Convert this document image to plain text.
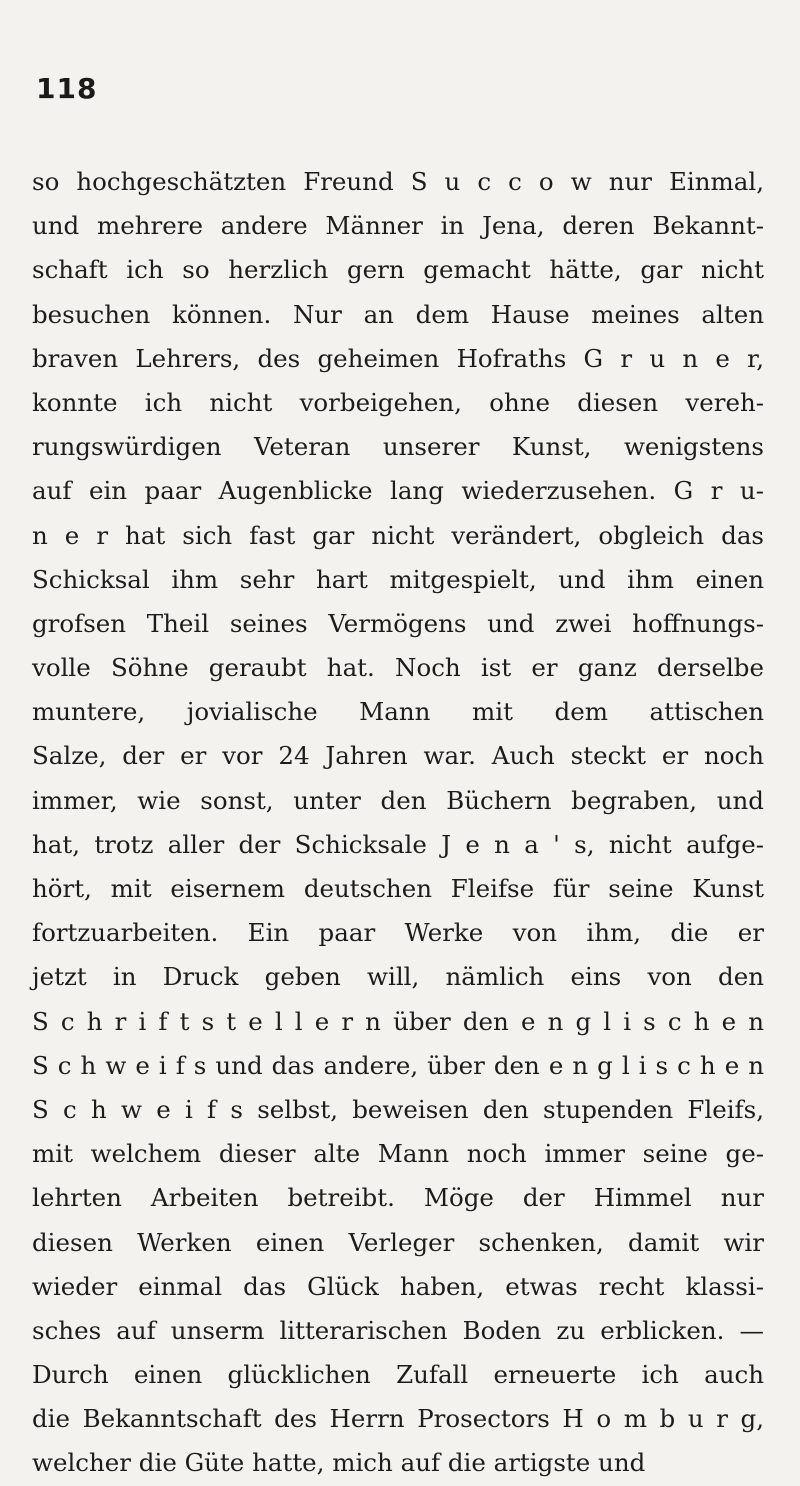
118
so hochgeschätzten Freund S u c c o w nur Einmal,
und mehrere andere Männer in Jena, deren Bekannt-
schaft ich so herzlich gern gemacht hätte, gar nicht
besuchen können. Nur an dem Hause meines alten
braven Lehrers, des geheimen Hofraths G r u n e r,
konnte ich nicht vorbeigehen, ohne diesen vereh-
rungswürdigen Veteran unserer Kunst, wenigstens
auf ein paar Augenblicke lang wiederzusehen. G r u-
n e r hat sich fast gar nicht verändert, obgleich das
Schicksal ihm sehr hart mitgespielt, und ihm einen
grofsen Theil seines Vermögens und zwei hoffnungs-
volle Söhne geraubt hat. Noch ist er ganz derselbe
muntere, jovialische Mann mit dem attischen
Salze, der er vor 24 Jahren war. Auch steckt er noch
immer, wie sonst, unter den Büchern begraben, und
hat, trotz aller der Schicksale J e n a ' s, nicht aufge-
hört, mit eisernem deutschen Fleifse für seine Kunst
fortzuarbeiten. Ein paar Werke von ihm, die er
jetzt in Druck geben will, nämlich eins von den
S c h r i f t s t e l l e r n über den e n g l i s c h e n
S c h w e i f s und das andere, über den e n g l i s c h e n
S c h w e i f s selbst, beweisen den stupenden Fleifs,
mit welchem dieser alte Mann noch immer seine ge-
lehrten Arbeiten betreibt. Möge der Himmel nur
diesen Werken einen Verleger schenken, damit wir
wieder einmal das Glück haben, etwas recht klassi-
sches auf unserm litterarischen Boden zu erblicken. —
Durch einen glücklichen Zufall erneuerte ich auch
die Bekanntschaft des Herrn Prosectors H o m b u r g,
welcher die Güte hatte, mich auf die artigste und
